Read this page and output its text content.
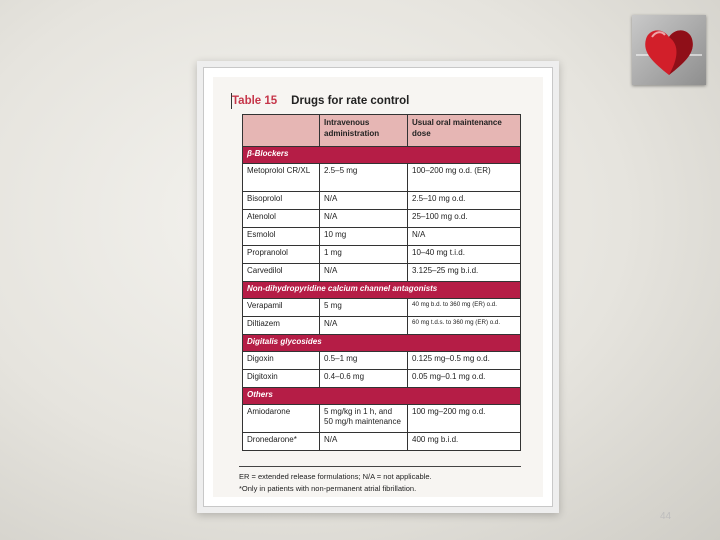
Table 15 Drugs for rate control
	Intravenous administration	Usual oral maintenance dose
β-Blockers		
Metoprolol CR/XL	2.5–5 mg	100–200 mg o.d. (ER)
Bisoprolol	N/A	2.5–10 mg o.d.
Atenolol	N/A	25–100 mg o.d.
Esmolol	10 mg	N/A
Propranolol	1 mg	10–40 mg t.i.d.
Carvedilol	N/A	3.125–25 mg b.i.d.
Non-dihydropyridine calcium channel antagonists		
Verapamil	5 mg	40 mg b.d. to 360 mg (ER) o.d.
Diltiazem	N/A	60 mg t.d.s. to 360 mg (ER) o.d.
Digitalis glycosides		
Digoxin	0.5–1 mg	0.125 mg–0.5 mg o.d.
Digitoxin	0.4–0.6 mg	0.05 mg–0.1 mg o.d.
Others		
Amiodarone	5 mg/kg in 1 h, and 50 mg/h maintenance	100 mg–200 mg o.d.
Dronedarone*	N/A	400 mg b.i.d.
ER = extended release formulations; N/A = not applicable.
*Only in patients with non-permanent atrial fibrillation.
44
